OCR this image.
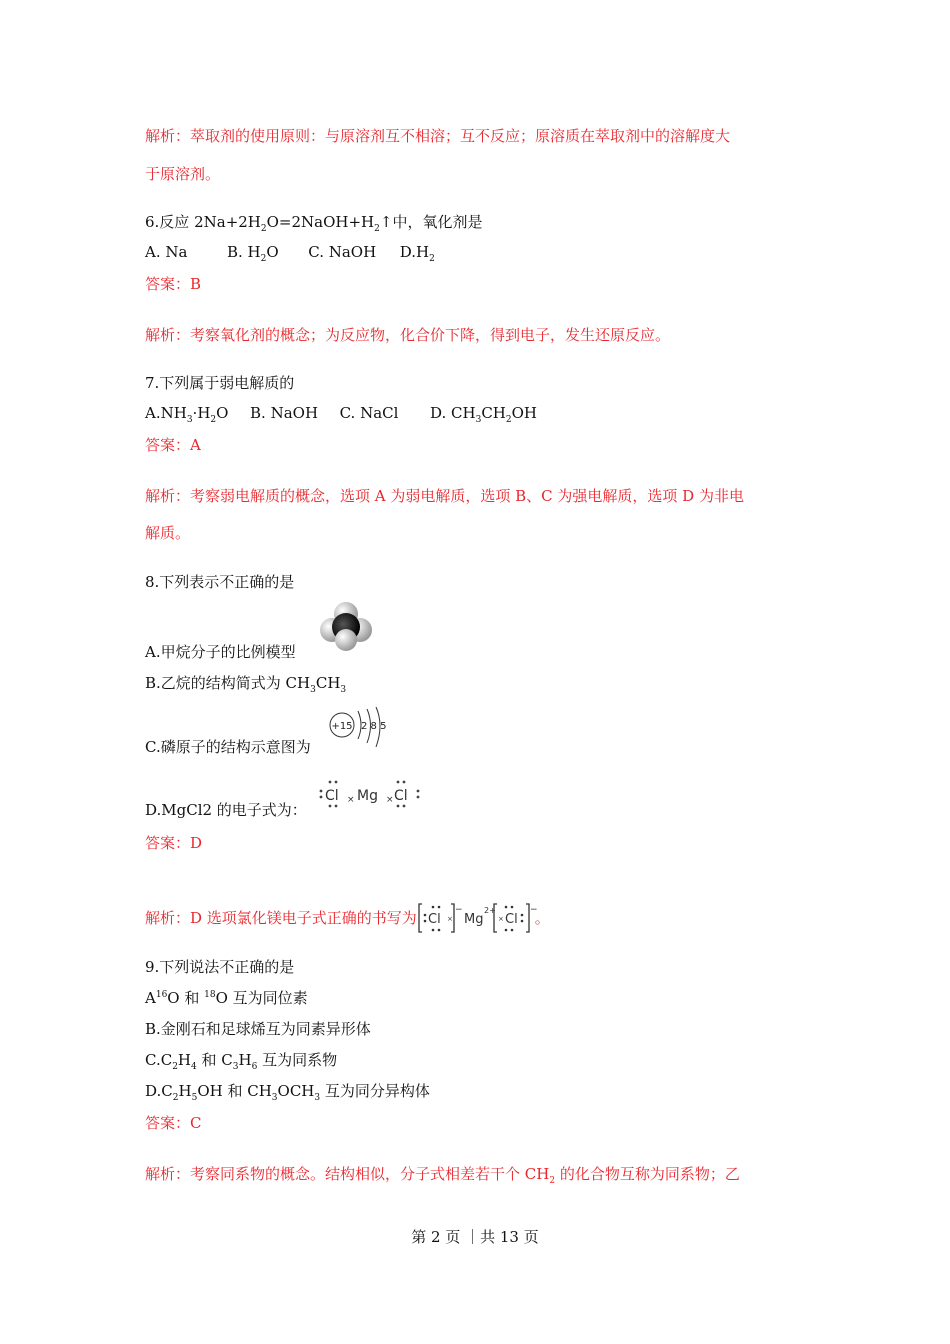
解析：萃取剂的使用原则：与原溶剂互不相溶；互不反应；原溶质在萃取剂中的溶解度大
于原溶剂。
6.反应 $2Na+2H_2O=2NaOH+H_2↑$中，氧化剂是
A. Na	B. $H_2O$ C. NaOH $D.H_2$
答案：B
解析：考察氧化剂的概念；为反应物，化合价下降，得到电子，发生还原反应。
7.下列属于弱电解质的
$A.NH_3\cdot H_2O$ B. NaOH C. NaCl D. $CH_3CH_2OH$
答案：A
解析：考察弱电解质的概念，选项 A 为弱电解质，选项 B、C 为强电解质，选项 D 为非电
解质。
8.下列表示不正确的是
A.甲烷分子的比例模型
B.乙烷的结构简式为 $CH_3CH_3$
+15 2 8 5
C.磷原子的结构示意图为
Cl × Mg × Cl
D.MgCl2 的电子式为：
答案：D
解析：D 选项氯化镁电子式正确的书写为 Cl ×
−
Mg
2+
× Cl
−
。
9.下列说法不正确的是
$A^{16}O$ 和 $^{18}$O 互为同位素
B.金刚石和足球烯互为同素异形体
$C.C_2H_4$ 和 $C_3H_6$ 互为同系物
$D.C_2H_5OH$ 和 $CH_3OCH_3$ 互为同分异构体
答案：C
解析：考察同系物的概念。结构相似，分子式相差若干个 $CH_2$ 的化合物互称为同系物；乙
第 2 页 ｜共 13 页
